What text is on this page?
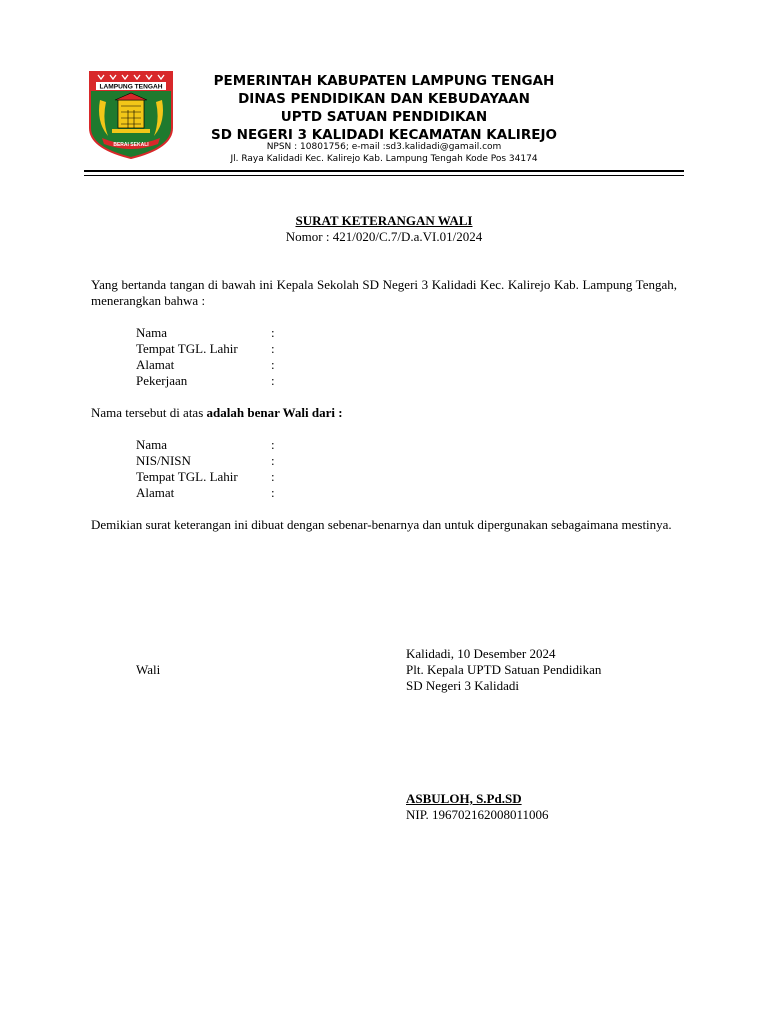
LAMPUNG TENGAH
BERAI SEKALI
PEMERINTAH KABUPATEN LAMPUNG TENGAH
DINAS PENDIDIKAN DAN KEBUDAYAAN
UPTD SATUAN PENDIDIKAN
SD NEGERI 3 KALIDADI KECAMATAN KALIREJO
NPSN : 10801756; e-mail :sd3.kalidadi@gamail.com
Jl. Raya Kalidadi Kec. Kalirejo Kab. Lampung Tengah Kode Pos 34174
SURAT KETERANGAN WALI
Nomor : 421/020/C.7/D.a.VI.01/2024
Yang bertanda tangan di bawah ini Kepala Sekolah SD Negeri 3 Kalidadi Kec. Kalirejo Kab. Lampung Tengah, menerangkan bahwa :
Nama	:
Tempat TGL. Lahir	:
Alamat	:
Pekerjaan	:
Nama tersebut di atas adalah benar Wali dari :
Nama	:
NIS/NISN	:
Tempat TGL. Lahir	:
Alamat	:
Demikian surat keterangan ini dibuat dengan sebenar-benarnya dan untuk dipergunakan sebagaimana mestinya.
Kalidadi, 10 Desember 2024
Wali	Plt. Kepala UPTD Satuan Pendidikan
SD Negeri 3 Kalidadi
ASBULOH, S.Pd.SD
NIP. 196702162008011006
